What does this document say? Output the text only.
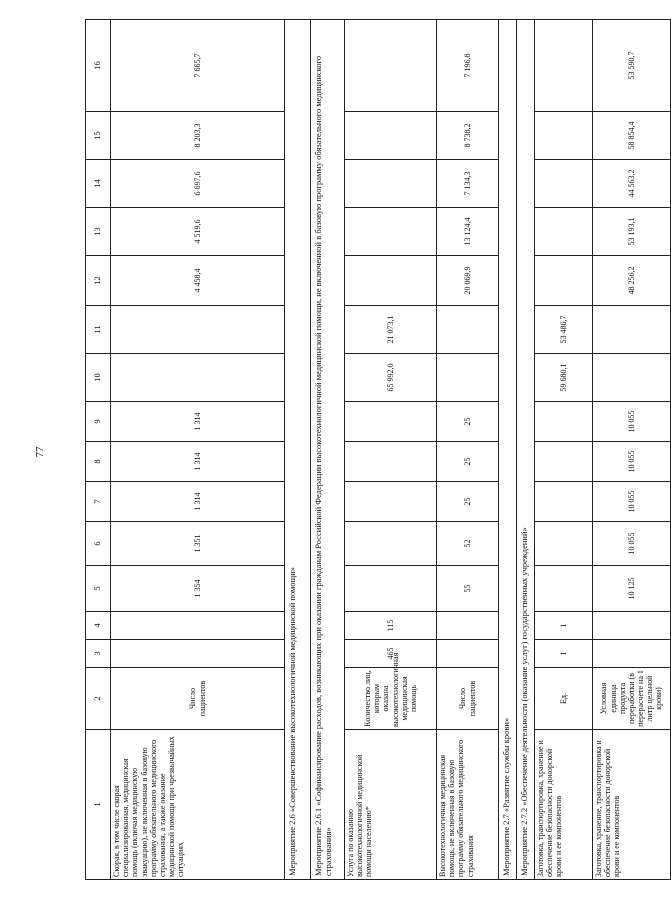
77
1	2	3	4	5	6	7	8	9	10	11	12	13	14	15	16
Скорая, в том числе скорая специализированная, медицинская помощь (включая медицинскую эвакуацию), не включенная в базовую программу обязательного медицинского страхования, а также оказание медицинской помощи при чрезвычайных ситуациях	Число пациентов			1 354	1 351	1 314	1 314	1 314			4 458,4	4 519,6	6 697,6	8 203,3	7 665,7
Мероприятие 2.6 «Совершенствование высокотехнологичной медицинской помощи»															
Мероприятие 2.6.1 «Софинансирование расходов, возникающих при оказании гражданам Российской Федерации высокотехнологичной медицинской помощи, не включенной в базовую программу обязательного медицинского страхования»															
Услуга по оказанию высокотехнологичной медицинской помощи населению*	Количество лиц, которым оказана высокотехнологичная медицинская помощь	465	115						65 992,0	21 073,1					
Высокотехнологичная медицинская помощь, не включенная в базовую программу обязательного медицинского страхования	Число пациентов			55	52	25	25	25			20 069,9	13 124,4	7 134,3	8 738,2	7 196,8
Мероприятие 2.7 «Развитие службы крови»															
Мероприятие 2.7.2 «Обеспечение деятельности (оказание услуг) государственных учреждений»															
Заготовка, транспортировка, хранение и обеспечение безопасности донорской крови и ее компонентов	Ед.	1	1						59 680,1	53 486,7					
Заготовка, хранение, транспортировка и обеспечение безопасности донорской крови и ее компонентов	Условная единица продукта переработки (в перерасчете на 1 литр цельной крови)			10 125	10 055	10 055	10 055	10 055			48 256,2	53 193,1	44 563,2	58 854,4	53 590,7
